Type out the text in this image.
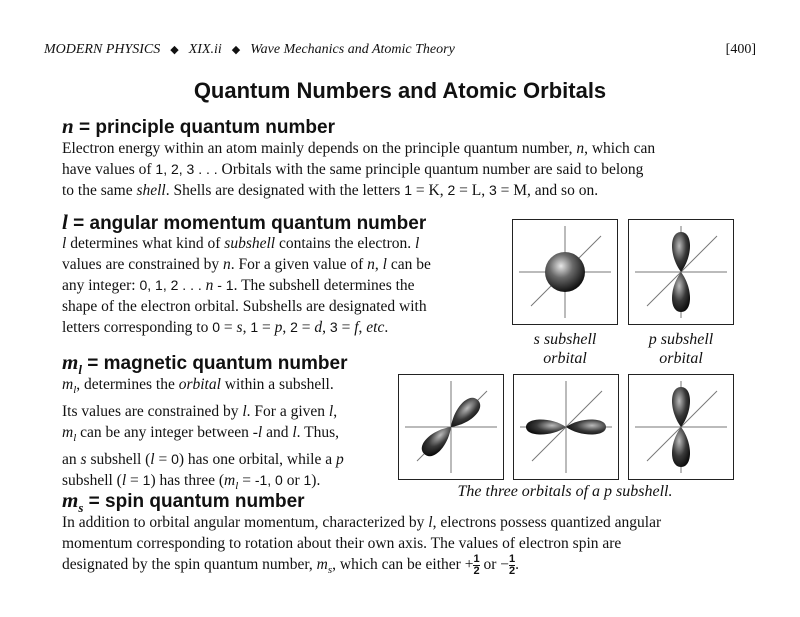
MODERN PHYSICS ◆ XIX.ii ◆ Wave Mechanics and Atomic Theory	[400]
Quantum Numbers and Atomic Orbitals
n = principle quantum number
Electron energy within an atom mainly depends on the principle quantum number, n, which can
have values of 1, 2, 3 . . . Orbitals with the same principle quantum number are said to belong
to the same shell. Shells are designated with the letters 1 = K, 2 = L, 3 = M, and so on.
l = angular momentum quantum number
l determines what kind of subshell contains the electron. l
values are constrained by n. For a given value of n, l can be
any integer: 0, 1, 2 . . . n - 1. The subshell determines the
shape of the electron orbital. Subshells are designated with
letters corresponding to 0 = s, 1 = p, 2 = d, 3 = f, etc.
$m_l$ = magnetic quantum number
$m_l$, determines the orbital within a subshell.
Its values are constrained by l. For a given l,
$m_l$ can be any integer between -l and l. Thus,
an s subshell (l = 0) has one orbital, while a p
subshell (l = 1) has three ($m_l = -1$, 0 or 1).
$m_s$ = spin quantum number
In addition to orbital angular momentum, characterized by l, electrons possess quantized angular
momentum corresponding to rotation about their own axis. The values of electron spin are
designated by the spin quantum number, $m_s$, which can be either + $\frac{1}{2}$ or − $\frac{1}{2}$ .
s subshell
orbital
p subshell
orbital
The three orbitals of a p subshell.
